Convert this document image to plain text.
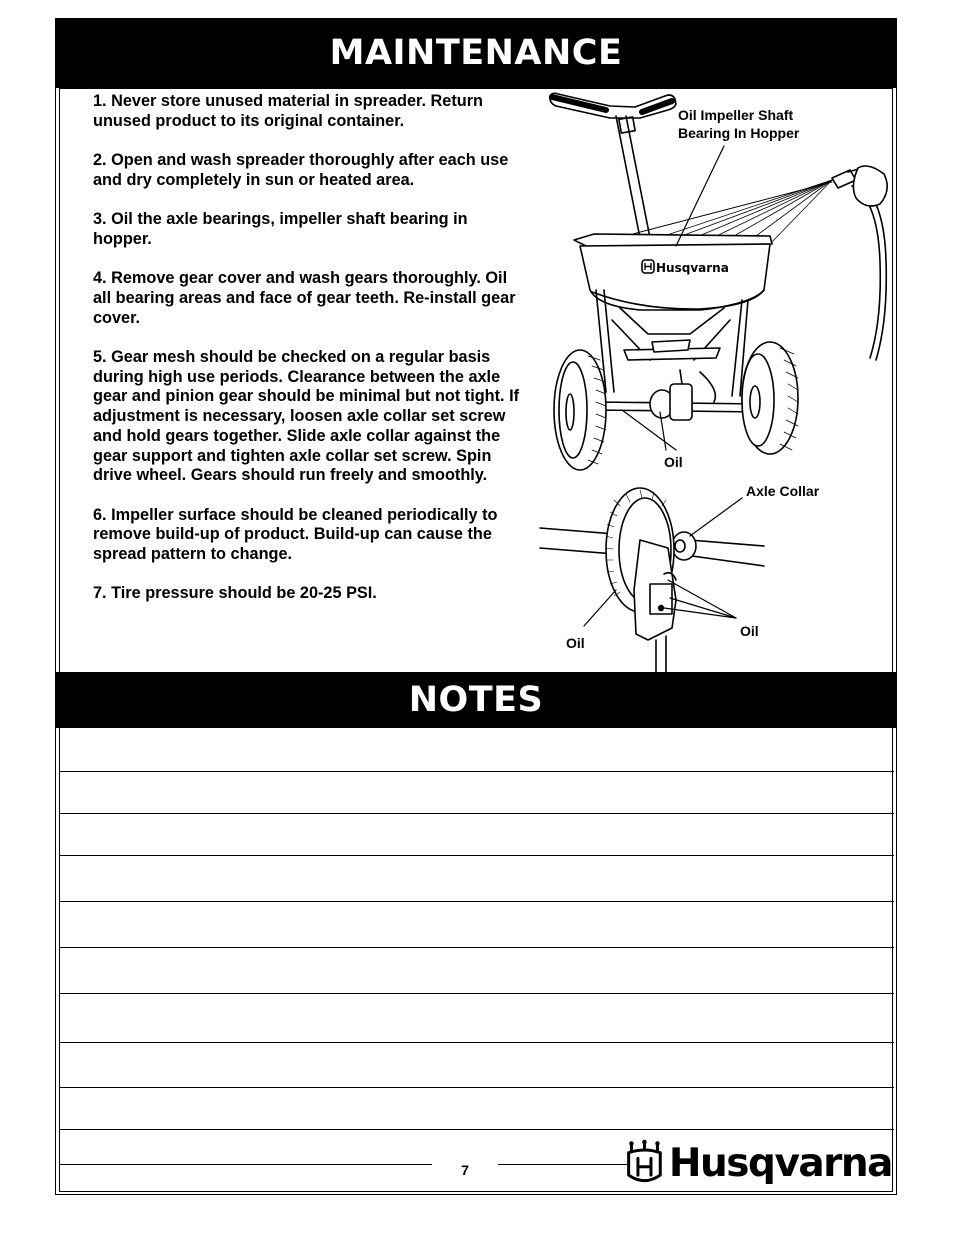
MAINTENANCE
1. Never store unused material in spreader. Return unused product to its original container.
2. Open and wash spreader thoroughly after each use and dry completely in sun or heated area.
3. Oil the axle bearings, impeller shaft bearing in hopper.
4. Remove gear cover and wash gears thoroughly. Oil all bearing areas and face of gear teeth. Re-install gear cover.
5. Gear mesh should be checked on a regular basis during high use periods. Clearance between the axle gear and pinion gear should be minimal but not tight. If adjustment is necessary, loosen axle collar set screw and hold gears together. Slide axle collar against the gear support and tighten axle collar set screw. Spin drive wheel. Gears should run freely and smoothly.
6. Impeller surface should be cleaned periodically to remove build-up of product. Build-up can cause the spread pattern to change.
7. Tire pressure should be 20-25 PSI.
Husqvarna

Oil Impeller Shaft
Bearing In Hopper

Oil

Axle Collar

Oil

Oil

NOTES
7	Husqvarna
